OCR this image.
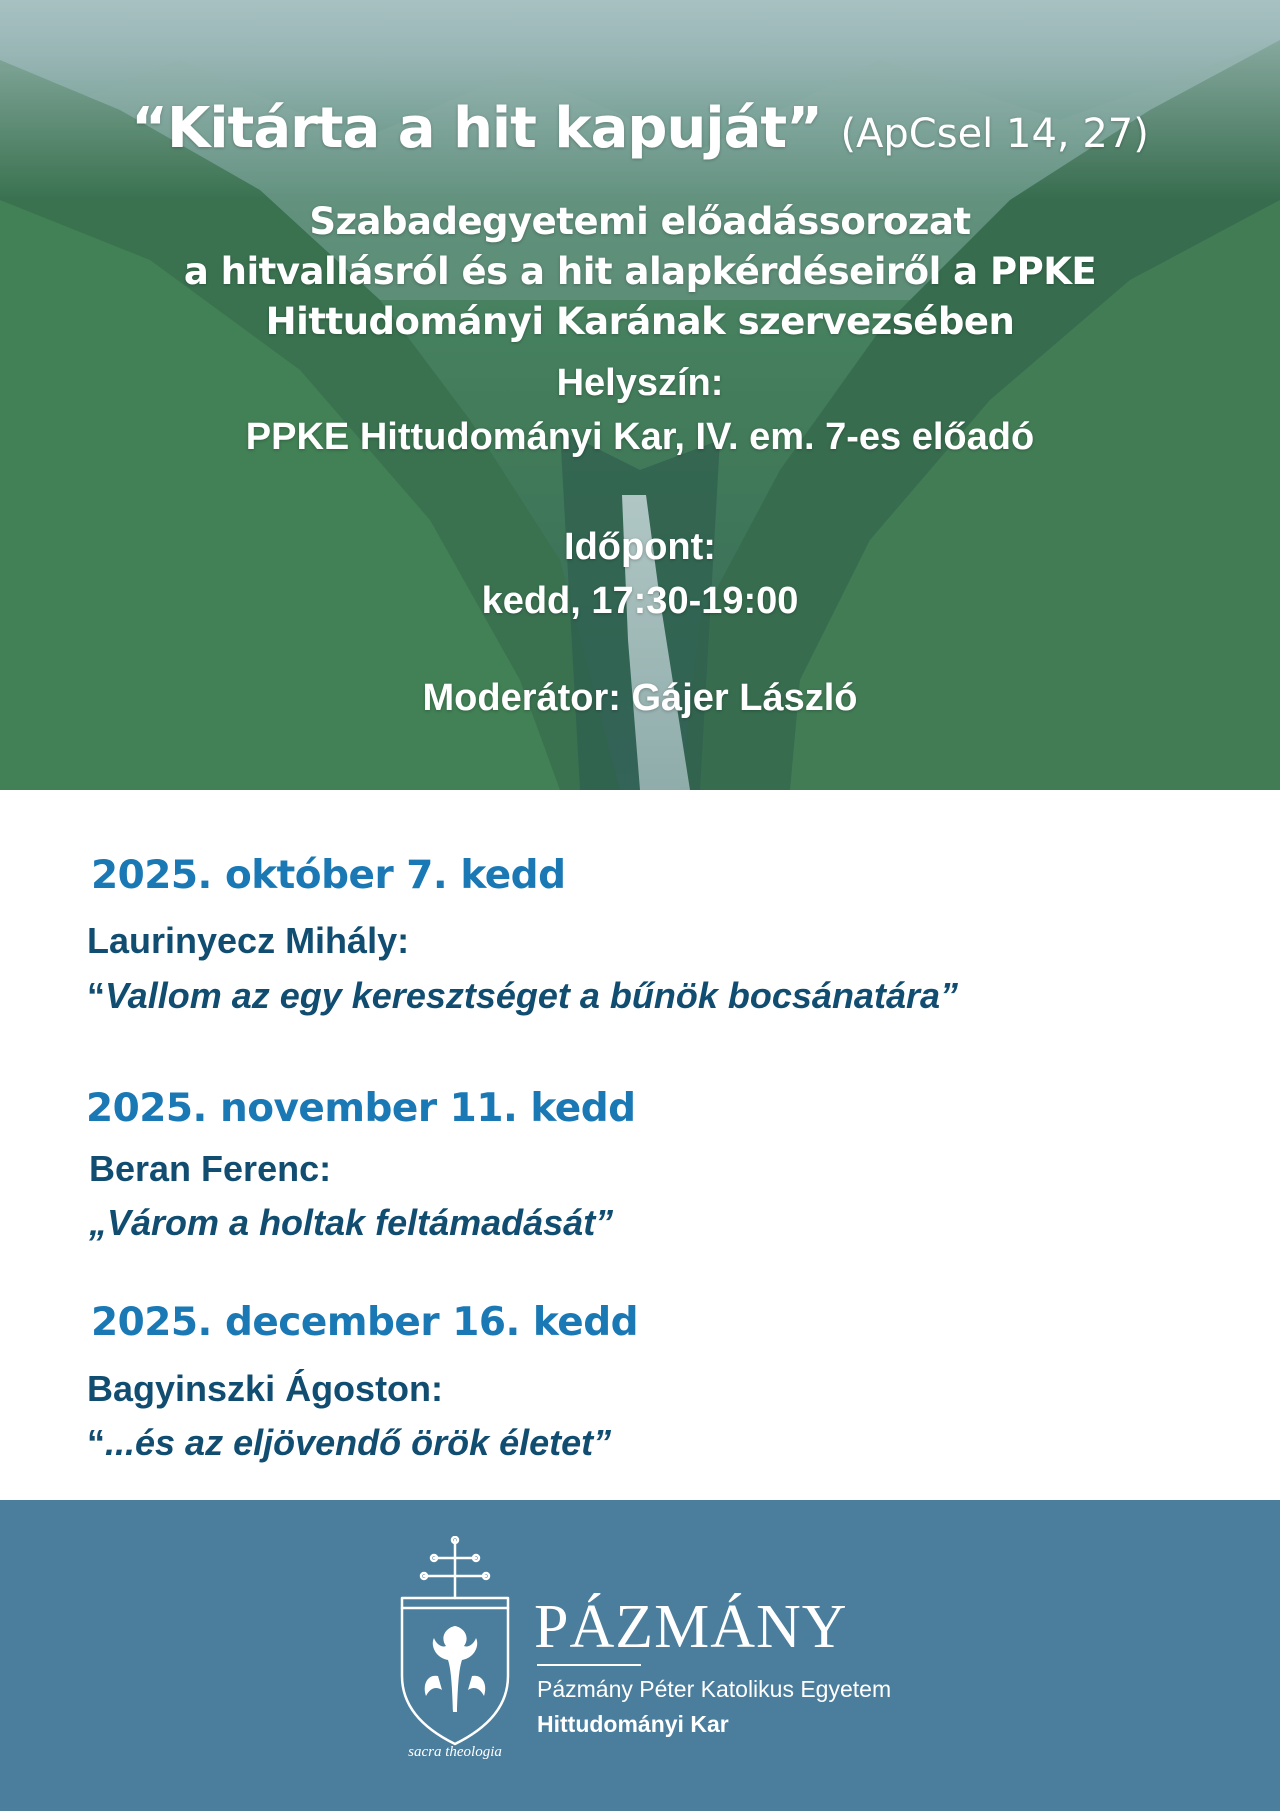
“Kitárta a hit kapuját” (ApCsel 14, 27)
Szabadegyetemi előadássorozat
a hitvallásról és a hit alapkérdéseiről a PPKE
Hittudományi Karának szervezsében
Helyszín:
PPKE Hittudományi Kar, IV. em. 7-es előadó
Időpont:
kedd, 17:30-19:00
Moderátor: Gájer László
2025. október 7. kedd
Laurinyecz Mihály:
“Vallom az egy keresztséget a bűnök bocsánatára”
2025. november 11. kedd
Beran Ferenc:
„Várom a holtak feltámadását”
2025. december 16. kedd
Bagyinszki Ágoston:
“...és az eljövendő örök életet”
sacra theologia
PÁZMÁNY
Pázmány Péter Katolikus Egyetem
Hittudományi Kar
